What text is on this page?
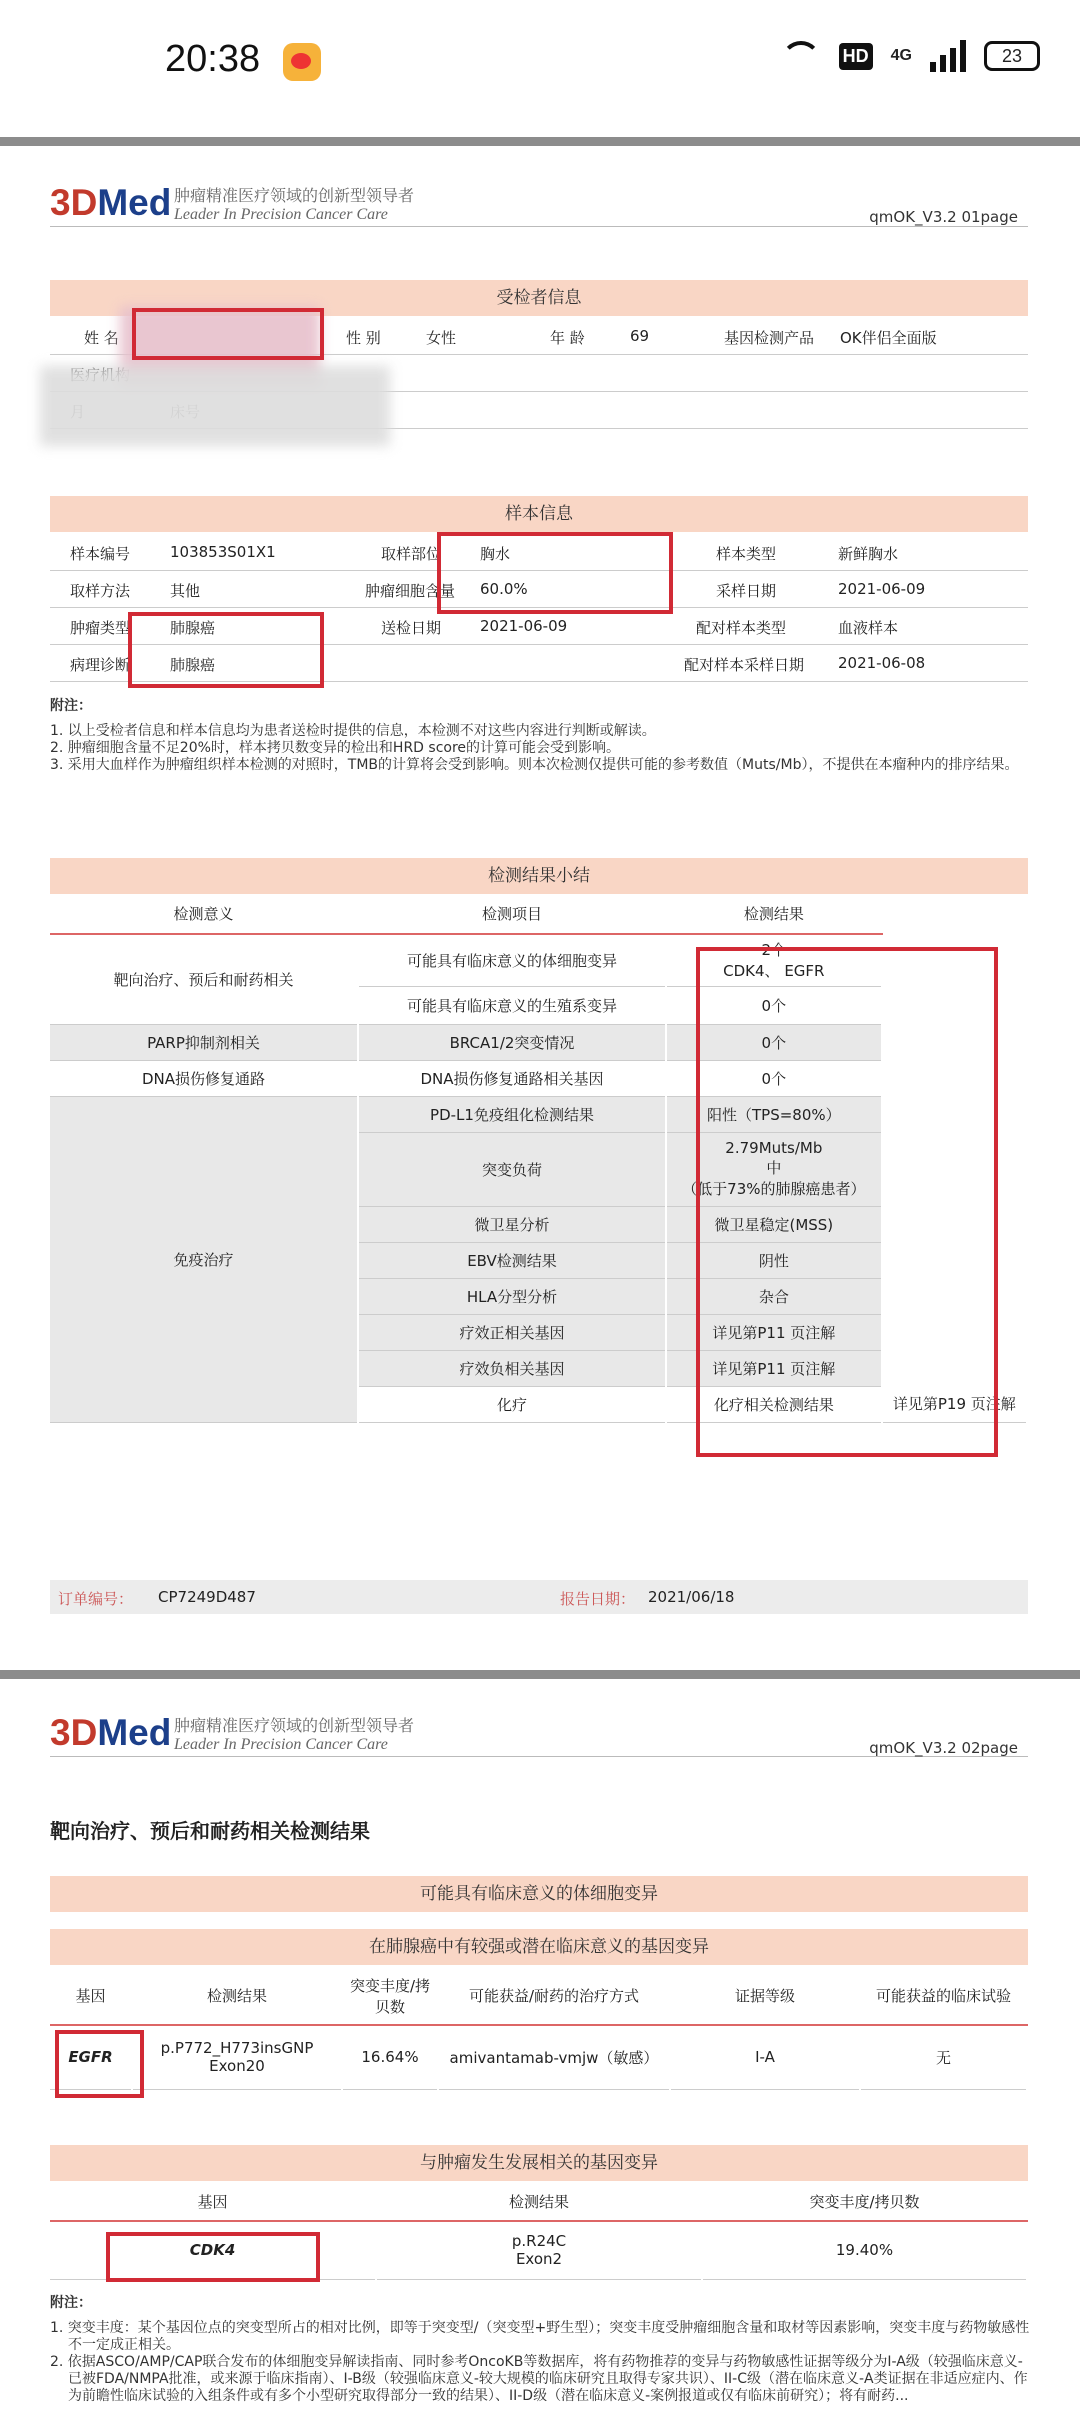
20:38	HD 4G	23
3DMed 肿瘤精准医疗领域的创新型领导者
Leader In Precision Cancer Care	qmOK_V3.2 01page
受检者信息
姓 名	性 别	女性	年 龄	69	基因检测产品 OK伴侣全面版
样本信息
样本编号	103853S01X1	取样部位	胸水	样本类型	新鲜胸水
取样方法	其他	肿瘤细胞含量 60.0%	采样日期	2021-06-09
肿瘤类型	肺腺癌	送检日期	2021-06-09	配对样本类型	血液样本
病理诊断	肺腺癌	配对样本采样日期 2021-06-08
附注：

1. 以上受检者信息和样本信息均为患者送检时提供的信息，本检测不对这些内容进行判断或解读。

2. 肿瘤细胞含量不足20%时，样本拷贝数变异的检出和HRD score的计算可能会受到影响。

3. 采用大血样作为肿瘤组织样本检测的对照时，TMB的计算将会受到影响。则本次检测仅提供可能的参考数值（Muts/Mb），不提供在本瘤种内的排序结果。

检测结果小结
检测意义	检测项目	检测结果	
靶向治疗、预后和耐药相关	可能具有临床意义的体细胞变异	2个
CDK4、 EGFR	

	可能具有临床意义的生殖系变异	0个	
PARP抑制剂相关	BRCA1/2突变情况	0个	
DNA损伤修复通路	DNA损伤修复通路相关基因	0个	
免疫治疗	PD-L1免疫组化检测结果	阳性（TPS=80%）	
	突变负荷	2.79Muts/Mb
中
（低于73%的肺腺癌患者）	

	微卫星分析	微卫星稳定(MSS)	
	EBV检测结果	阴性	
	HLA分型分析	杂合	
	疗效正相关基因	详见第P11 页注解	
	疗效负相关基因	详见第P11 页注解	
	化疗	化疗相关检测结果	详见第P19 页注解
订单编号： CP7249D487	报告日期： 2021/06/18
3DMed 肿瘤精准医疗领域的创新型领导者
Leader In Precision Cancer Care	qmOK_V3.2 02page
靶向治疗、预后和耐药相关检测结果
可能具有临床意义的体细胞变异
在肺腺癌中有较强或潜在临床意义的基因变异
基因	检测结果	突变丰度/拷贝数	可能获益/耐药的治疗方式	证据等级	可能获益的临床试验
EGFR	p.P772_H773insGNP
Exon20	16.64%	amivantamab-vmjw（敏感）	I-A	无
与肿瘤发生发展相关的基因变异
基因	检测结果	突变丰度/拷贝数
CDK4	p.R24C
Exon2	19.40%
附注：

1. 突变丰度：某个基因位点的突变型所占的相对比例，即等于突变型/（突变型+野生型）；突变丰度受肿瘤细胞含量和取材等因素影响，突变丰度与药物敏感性不一定成正相关。

2. 依据ASCO/AMP/CAP联合发布的体细胞变异解读指南、同时参考OncoKB等数据库，将有药物推荐的变异与药物敏感性证据等级分为I-A级（较强临床意义-已被FDA/NMPA批准，或来源于临床指南）、I-B级（较强临床意义-较大规模的临床研究且取得专家共识）、II-C级（潜在临床意义-A类证据在非适应症内、作为前瞻性临床试验的入组条件或有多个小型研究取得部分一致的结果）、II-D级（潜在临床意义-案例报道或仅有临床前研究）；将有耐药...
